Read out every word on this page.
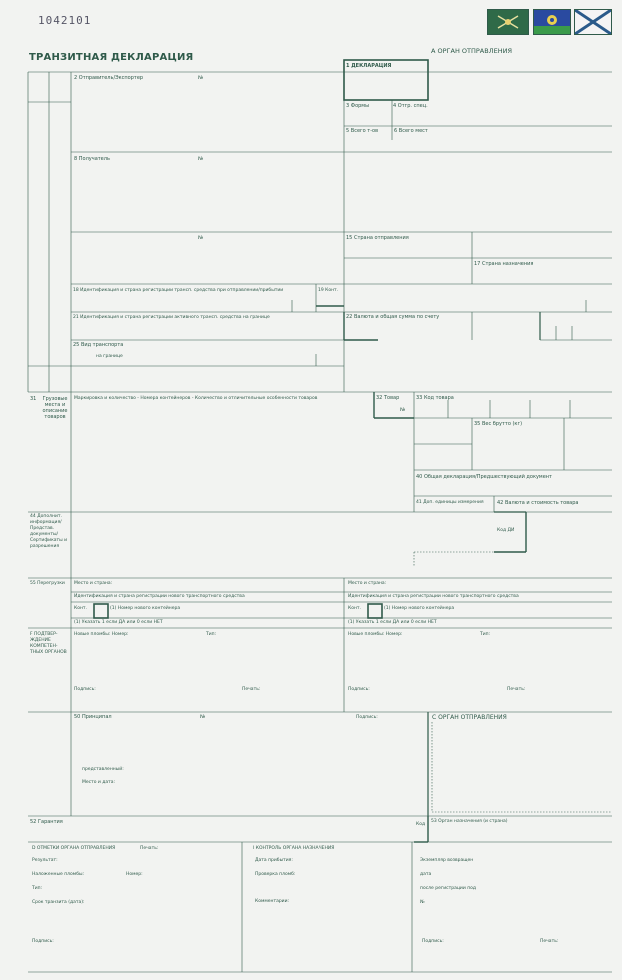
1042101
ТРАНЗИТНАЯ ДЕКЛАРАЦИЯ
А ОРГАН ОТПРАВЛЕНИЯ
1 ДЕКЛАРАЦИЯ
2 Отправитель/Экспортер	№
3 Формы	4 Отгр. спец.
5 Всего т-ов	6 Всего мест
8 Получатель	№
№	15 Страна отправления
17 Страна назначения
18 Идентификация и страна регистрации трансп. средства при отправлении/прибытии	19 Конт.
21 Идентификация и страна регистрации активного трансп. средства на границе	22 Валюта и общая сумма по счету
25 Вид транспорта
на границе
31	Грузовые места и описание товаров
Маркировка и количество - Номера контейнеров - Количество и отличительные особенности товаров	32 Товар
№
33 Код товара
35 Вес брутто (кг)
40 Общая декларация/Предшествующий документ
41 Доп. единицы измерения	42 Валюта и стоимость товара
44 Дополнит. информация/ Представ. документы/ Сертификаты и разрешения
Код ДИ
55 Перегрузки Место и страна:	Место и страна:
Идентификация и страна регистрации нового транспортного средства	Идентификация и страна регистрации нового транспортного средства
Конт.	(1) Номер нового контейнера	Конт.	(1) Номер нового контейнера
(1) Указать 1 если ДА или 0 если НЕТ	(1) Указать 1 если ДА или 0 если НЕТ
F ПОДТВЕР-ЖДЕНИЕ КОМПЕТЕН-ТНЫХ ОРГАНОВ
Новые пломбы: Номер:	Тип:	Новые пломбы: Номер:	Тип:
Подпись:	Печать:	Подпись:	Печать:
50 Принципал	№	Подпись:
представленный:
Место и дата:
С ОРГАН ОТПРАВЛЕНИЯ
52 Гарантия	Код
53 Орган назначения (и страна)
D ОТМЕТКИ ОРГАНА ОТПРАВЛЕНИЯ	Печать:
Результат:
Наложенные пломбы:	Номер:
Тип:
Срок транзита (дата):
Подпись:
I КОНТРОЛЬ ОРГАНА НАЗНАЧЕНИЯ
Дата прибытия:
Проверка пломб:
Комментарии:
Экземпляр возвращен
дата
после регистрации под
№
Подпись:	Печать:
